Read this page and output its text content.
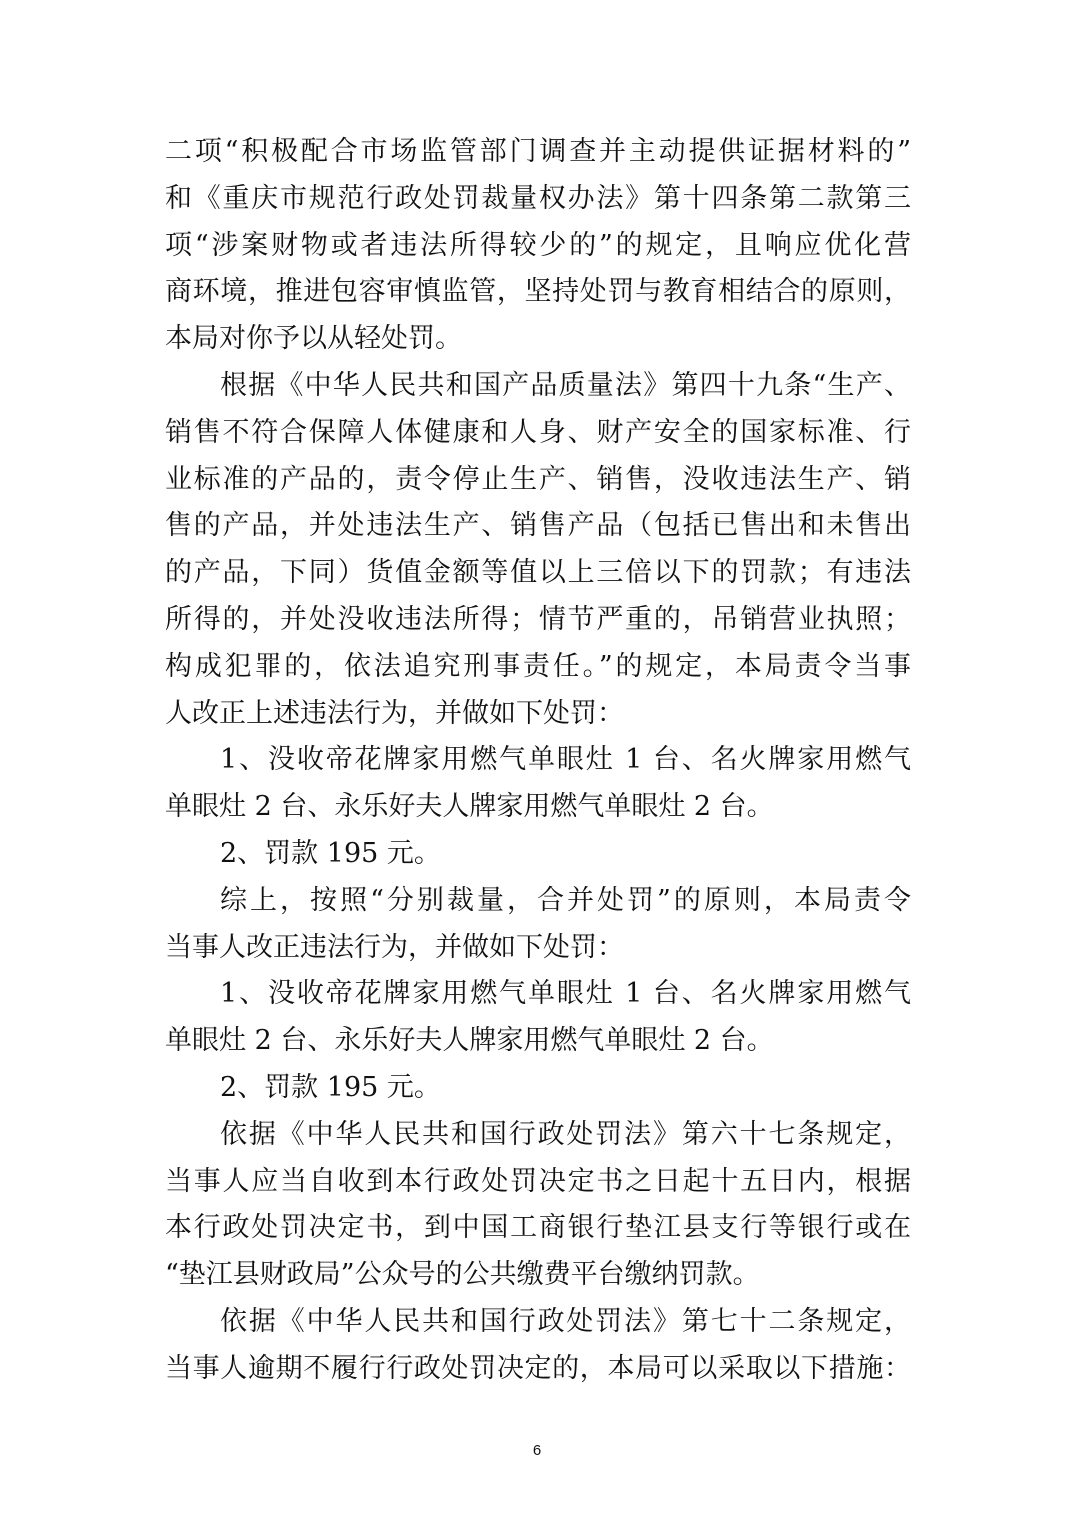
二项“积极配合市场监管部门调查并主动提供证据材料的”
和《重庆市规范行政处罚裁量权办法》第十四条第二款第三
项“涉案财物或者违法所得较少的”的规定，且响应优化营
商环境，推进包容审慎监管，坚持处罚与教育相结合的原则，
本局对你予以从轻处罚。
根据《中华人民共和国产品质量法》第四十九条“生产、
销售不符合保障人体健康和人身、财产安全的国家标准、行
业标准的产品的，责令停止生产、销售，没收违法生产、销
售的产品，并处违法生产、销售产品（包括已售出和未售出
的产品，下同）货值金额等值以上三倍以下的罚款；有违法
所得的，并处没收违法所得；情节严重的，吊销营业执照；
构成犯罪的，依法追究刑事责任。”的规定，本局责令当事
人改正上述违法行为，并做如下处罚：
1、没收帝花牌家用燃气单眼灶 1 台、名火牌家用燃气
单眼灶 2 台、永乐好夫人牌家用燃气单眼灶 2 台。
2、罚款 195 元。
综上，按照“分别裁量，合并处罚”的原则，本局责令
当事人改正违法行为，并做如下处罚：
1、没收帝花牌家用燃气单眼灶 1 台、名火牌家用燃气
单眼灶 2 台、永乐好夫人牌家用燃气单眼灶 2 台。
2、罚款 195 元。
依据《中华人民共和国行政处罚法》第六十七条规定，
当事人应当自收到本行政处罚决定书之日起十五日内，根据
本行政处罚决定书，到中国工商银行垫江县支行等银行或在
“垫江县财政局”公众号的公共缴费平台缴纳罚款。
依据《中华人民共和国行政处罚法》第七十二条规定，
当事人逾期不履行行政处罚决定的，本局可以采取以下措施：
6
